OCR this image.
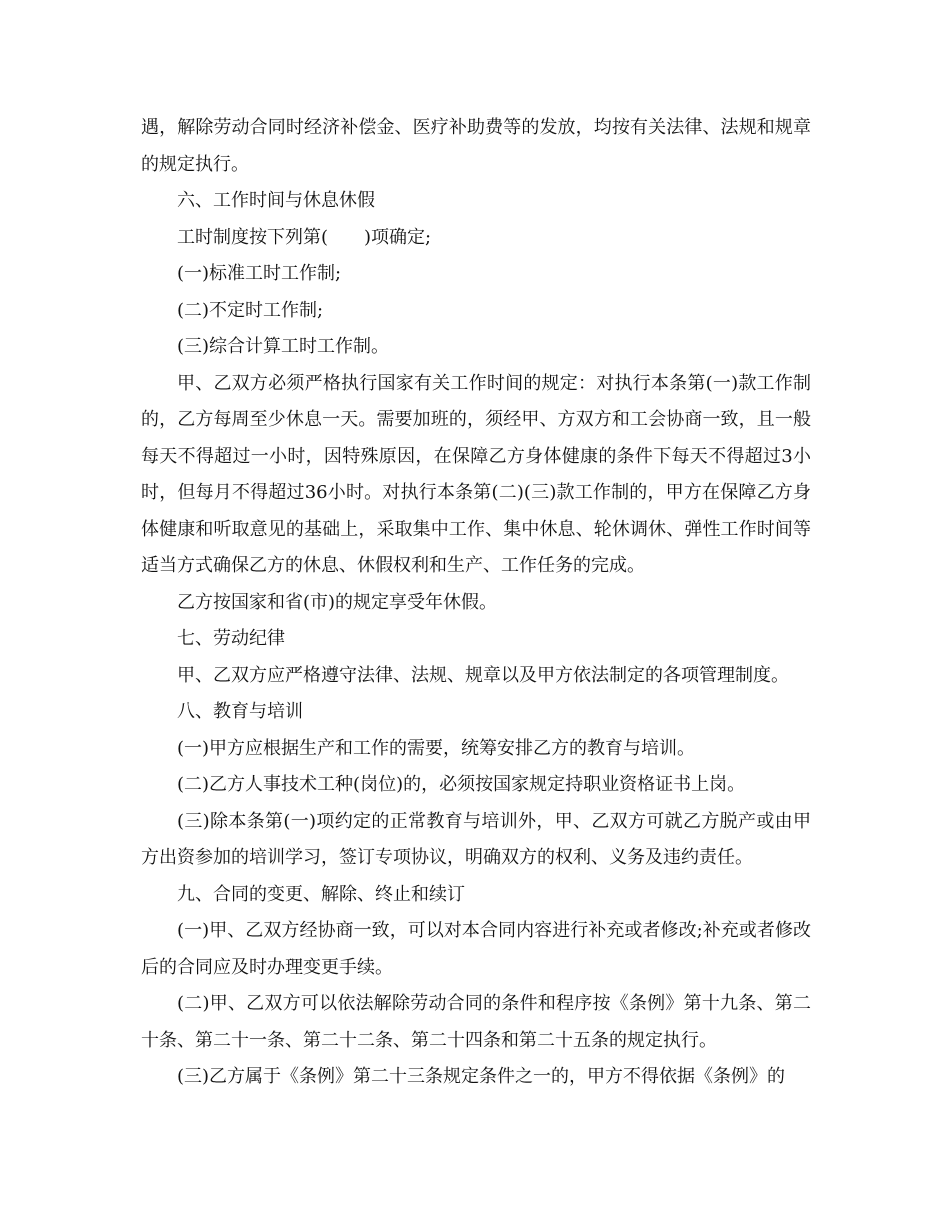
遇，解除劳动合同时经济补偿金、医疗补助费等的发放，均按有关法律、法规和规章的规定执行。

六、工作时间与休息休假

工时制度按下列第(　　)项确定;

(一)标准工时工作制;

(二)不定时工作制;

(三)综合计算工时工作制。

甲、乙双方必须严格执行国家有关工作时间的规定：对执行本条第(一)款工作制的，乙方每周至少休息一天。需要加班的，须经甲、方双方和工会协商一致，且一般每天不得超过一小时，因特殊原因，在保障乙方身体健康的条件下每天不得超过3小时，但每月不得超过36小时。对执行本条第(二)(三)款工作制的，甲方在保障乙方身体健康和听取意见的基础上，采取集中工作、集中休息、轮休调休、弹性工作时间等适当方式确保乙方的休息、休假权利和生产、工作任务的完成。

乙方按国家和省(市)的规定享受年休假。

七、劳动纪律

甲、乙双方应严格遵守法律、法规、规章以及甲方依法制定的各项管理制度。

八、教育与培训

(一)甲方应根据生产和工作的需要，统筹安排乙方的教育与培训。

(二)乙方人事技术工种(岗位)的，必须按国家规定持职业资格证书上岗。

(三)除本条第(一)项约定的正常教育与培训外，甲、乙双方可就乙方脱产或由甲方出资参加的培训学习，签订专项协议，明确双方的权利、义务及违约责任。

九、合同的变更、解除、终止和续订

(一)甲、乙双方经协商一致，可以对本合同内容进行补充或者修改;补充或者修改后的合同应及时办理变更手续。

(二)甲、乙双方可以依法解除劳动合同的条件和程序按《条例》第十九条、第二十条、第二十一条、第二十二条、第二十四条和第二十五条的规定执行。

(三)乙方属于《条例》第二十三条规定条件之一的，甲方不得依据《条例》的
